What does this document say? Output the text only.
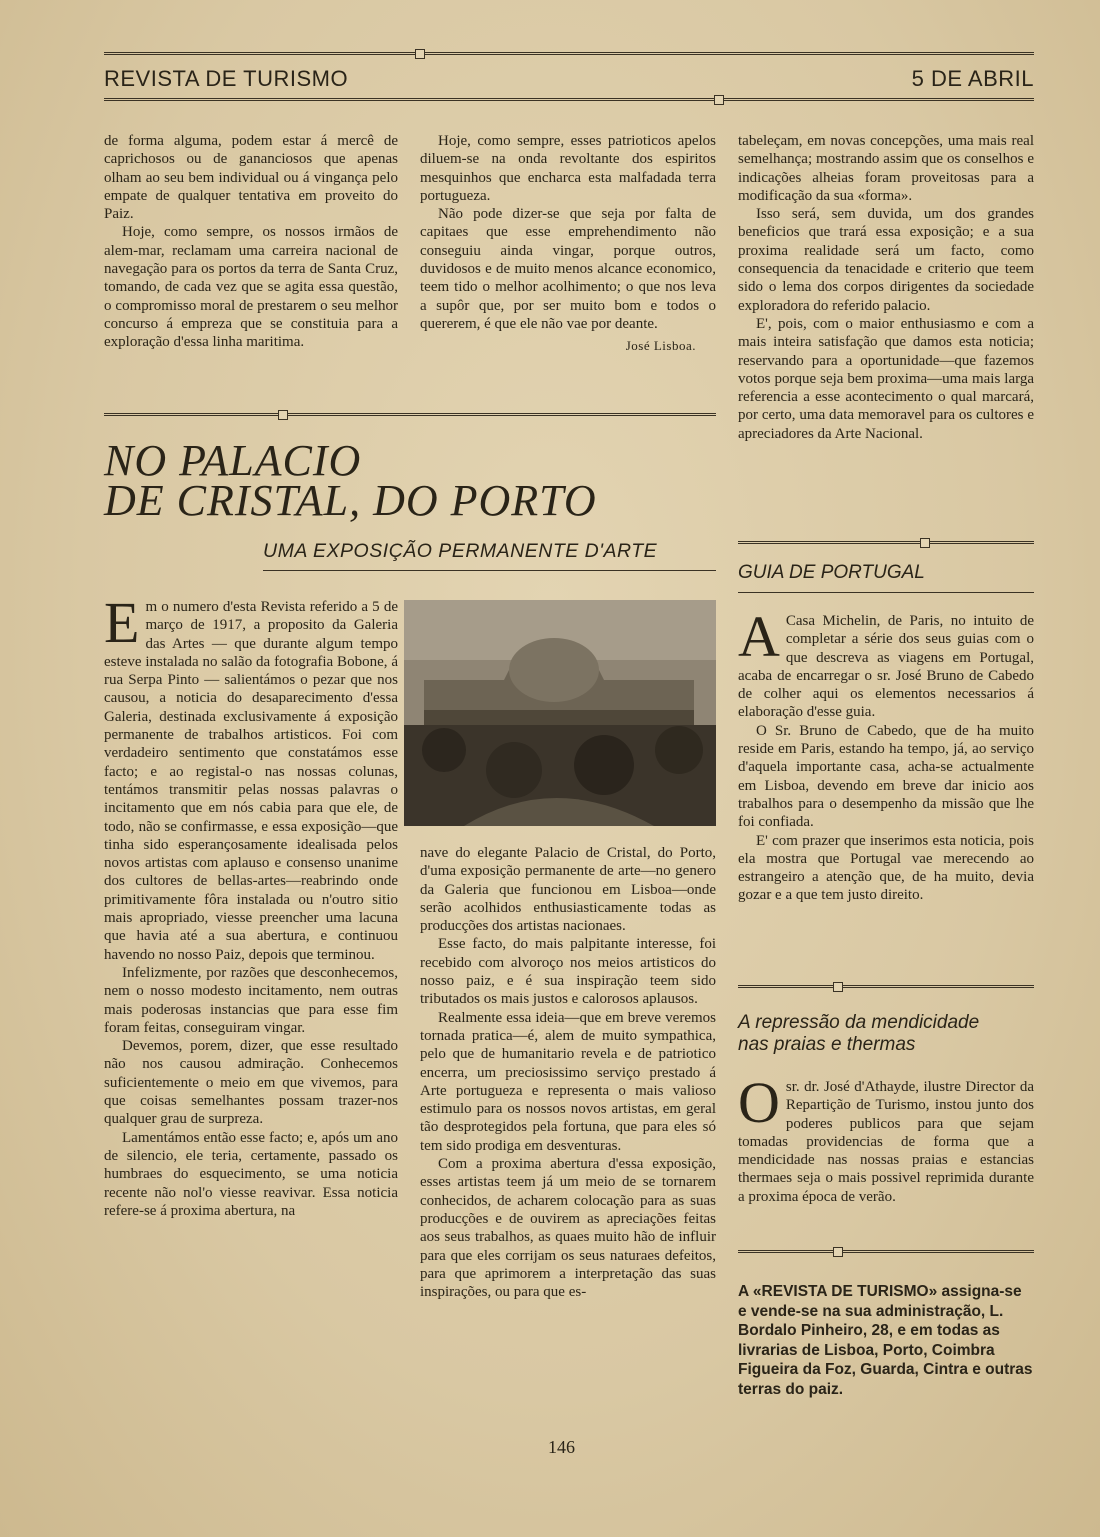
REVISTA DE TURISMO	5 DE ABRIL

de forma alguma, podem estar á mercê de caprichosos ou de gananciosos que apenas olham ao seu bem individual ou á vingança pelo empate de qualquer tentativa em proveito do Paiz.

Hoje, como sempre, os nossos irmãos de alem-mar, reclamam uma carreira nacional de navegação para os portos da terra de Santa Cruz, tomando, de cada vez que se agita essa questão, o compromisso moral de prestarem o seu melhor concurso á empreza que se constituia para a exploração d'essa linha maritima.

Hoje, como sempre, esses patrioticos apelos diluem-se na onda revoltante dos espiritos mesquinhos que encharca esta malfadada terra portugueza.

Não pode dizer-se que seja por falta de capitaes que esse emprehendimento não conseguiu ainda vingar, porque outros, duvidosos e de muito menos alcance economico, teem tido o melhor acolhimento; o que nos leva a supôr que, por ser muito bom e todos o quererem, é que ele não vae por deante.

José Lisboa.
NO PALACIO
DE CRISTAL, DO PORTO
UMA EXPOSIÇÃO PERMANENTE D'ARTE

E m o numero d'esta Revista referido a 5 de março de 1917, a proposito da Galeria das Artes — que durante algum tempo esteve instalada no salão da fotografia Bobone, á rua Serpa Pinto — salientámos o pezar que nos causou, a noticia do desaparecimento d'essa Galeria, destinada exclusivamente á exposição permanente de trabalhos artisticos. Foi com verdadeiro sentimento que constatámos esse facto; e ao registal-o nas nossas colunas, tentámos transmitir pelas nossas palavras o incitamento que em nós cabia para que ele, de todo, não se confirmasse, e essa exposição—que tinha sido esperançosamente idealisada pelos novos artistas com aplauso e consenso unanime dos cultores de bellas-artes—reabrindo onde primitivamente fôra instalada ou n'outro sitio mais apropriado, viesse preencher uma lacuna que havia até a sua abertura, e continuou havendo no nosso Paiz, depois que terminou.

Infelizmente, por razões que desconhecemos, nem o nosso modesto incitamento, nem outras mais poderosas instancias que para esse fim foram feitas, conseguiram vingar.

Devemos, porem, dizer, que esse resultado não nos causou admiração. Conhecemos suficientemente o meio em que vivemos, para que coisas semelhantes possam trazer-nos qualquer grau de surpreza.

Lamentámos então esse facto; e, após um ano de silencio, ele teria, certamente, passado os humbraes do esquecimento, se uma noticia recente não nol'o viesse reavivar. Essa noticia refere-se á proxima abertura, na

nave do elegante Palacio de Cristal, do Porto, d'uma exposição permanente de arte—no genero da Galeria que funcionou em Lisboa—onde serão acolhidos enthusiasticamente todas as producções dos artistas nacionaes.

Esse facto, do mais palpitante interesse, foi recebido com alvoroço nos meios artisticos do nosso paiz, e é sua inspiração teem sido tributados os mais justos e calorosos aplausos.

Realmente essa ideia—que em breve veremos tornada pratica—é, alem de muito sympathica, pelo que de humanitario revela e de patriotico encerra, um preciosissimo serviço prestado á Arte portugueza e representa o mais valioso estimulo para os nossos novos artistas, em geral tão desprotegidos pela fortuna, que para eles só tem sido prodiga em desventuras.

Com a proxima abertura d'essa exposição, esses artistas teem já um meio de se tornarem conhecidos, de acharem colocação para as suas producções e de ouvirem as apreciações feitas aos seus trabalhos, as quaes muito hão de influir para que eles corrijam os seus naturaes defeitos, para que aprimorem a interpretação das suas inspirações, ou para que es-

tabeleçam, em novas concepções, uma mais real semelhança; mostrando assim que os conselhos e indicações alheias foram proveitosas para a modificação da sua «forma».

Isso será, sem duvida, um dos grandes beneficios que trará essa exposição; e a sua proxima realidade será um facto, como consequencia da tenacidade e criterio que teem sido o lema dos corpos dirigentes da sociedade exploradora do referido palacio.

E', pois, com o maior enthusiasmo e com a mais inteira satisfação que damos esta noticia; reservando para a oportunidade—que fazemos votos porque seja bem proxima—uma mais larga referencia a esse acontecimento o qual marcará, por certo, uma data memoravel para os cultores e apreciadores da Arte Nacional.

GUIA DE PORTUGAL

A Casa Michelin, de Paris, no intuito de completar a série dos seus guias com o que descreva as viagens em Portugal, acaba de encarregar o sr. José Bruno de Cabedo de colher aqui os elementos necessarios á elaboração d'esse guia.

O Sr. Bruno de Cabedo, que de ha muito reside em Paris, estando ha tempo, já, ao serviço d'aquela importante casa, acha-se actualmente em Lisboa, devendo em breve dar inicio aos trabalhos para o desempenho da missão que lhe foi confiada.

E' com prazer que inserimos esta noticia, pois ela mostra que Portugal vae merecendo ao estrangeiro a atenção que, de ha muito, devia gozar e a que tem justo direito.

A repressão da mendicidade
nas praias e thermas

O sr. dr. José d'Athayde, ilustre Director da Repartição de Turismo, instou junto dos poderes publicos para que sejam tomadas providencias de forma que a mendicidade nas nossas praias e estancias thermaes seja o mais possivel reprimida durante a proxima época de verão.

A «REVISTA DE TURISMO» assigna-se e vende-se na sua administração, L. Bordalo Pinheiro, 28, e em todas as livrarias de Lisboa, Porto, Coimbra Figueira da Foz, Guarda, Cintra e outras terras do paiz.
146
